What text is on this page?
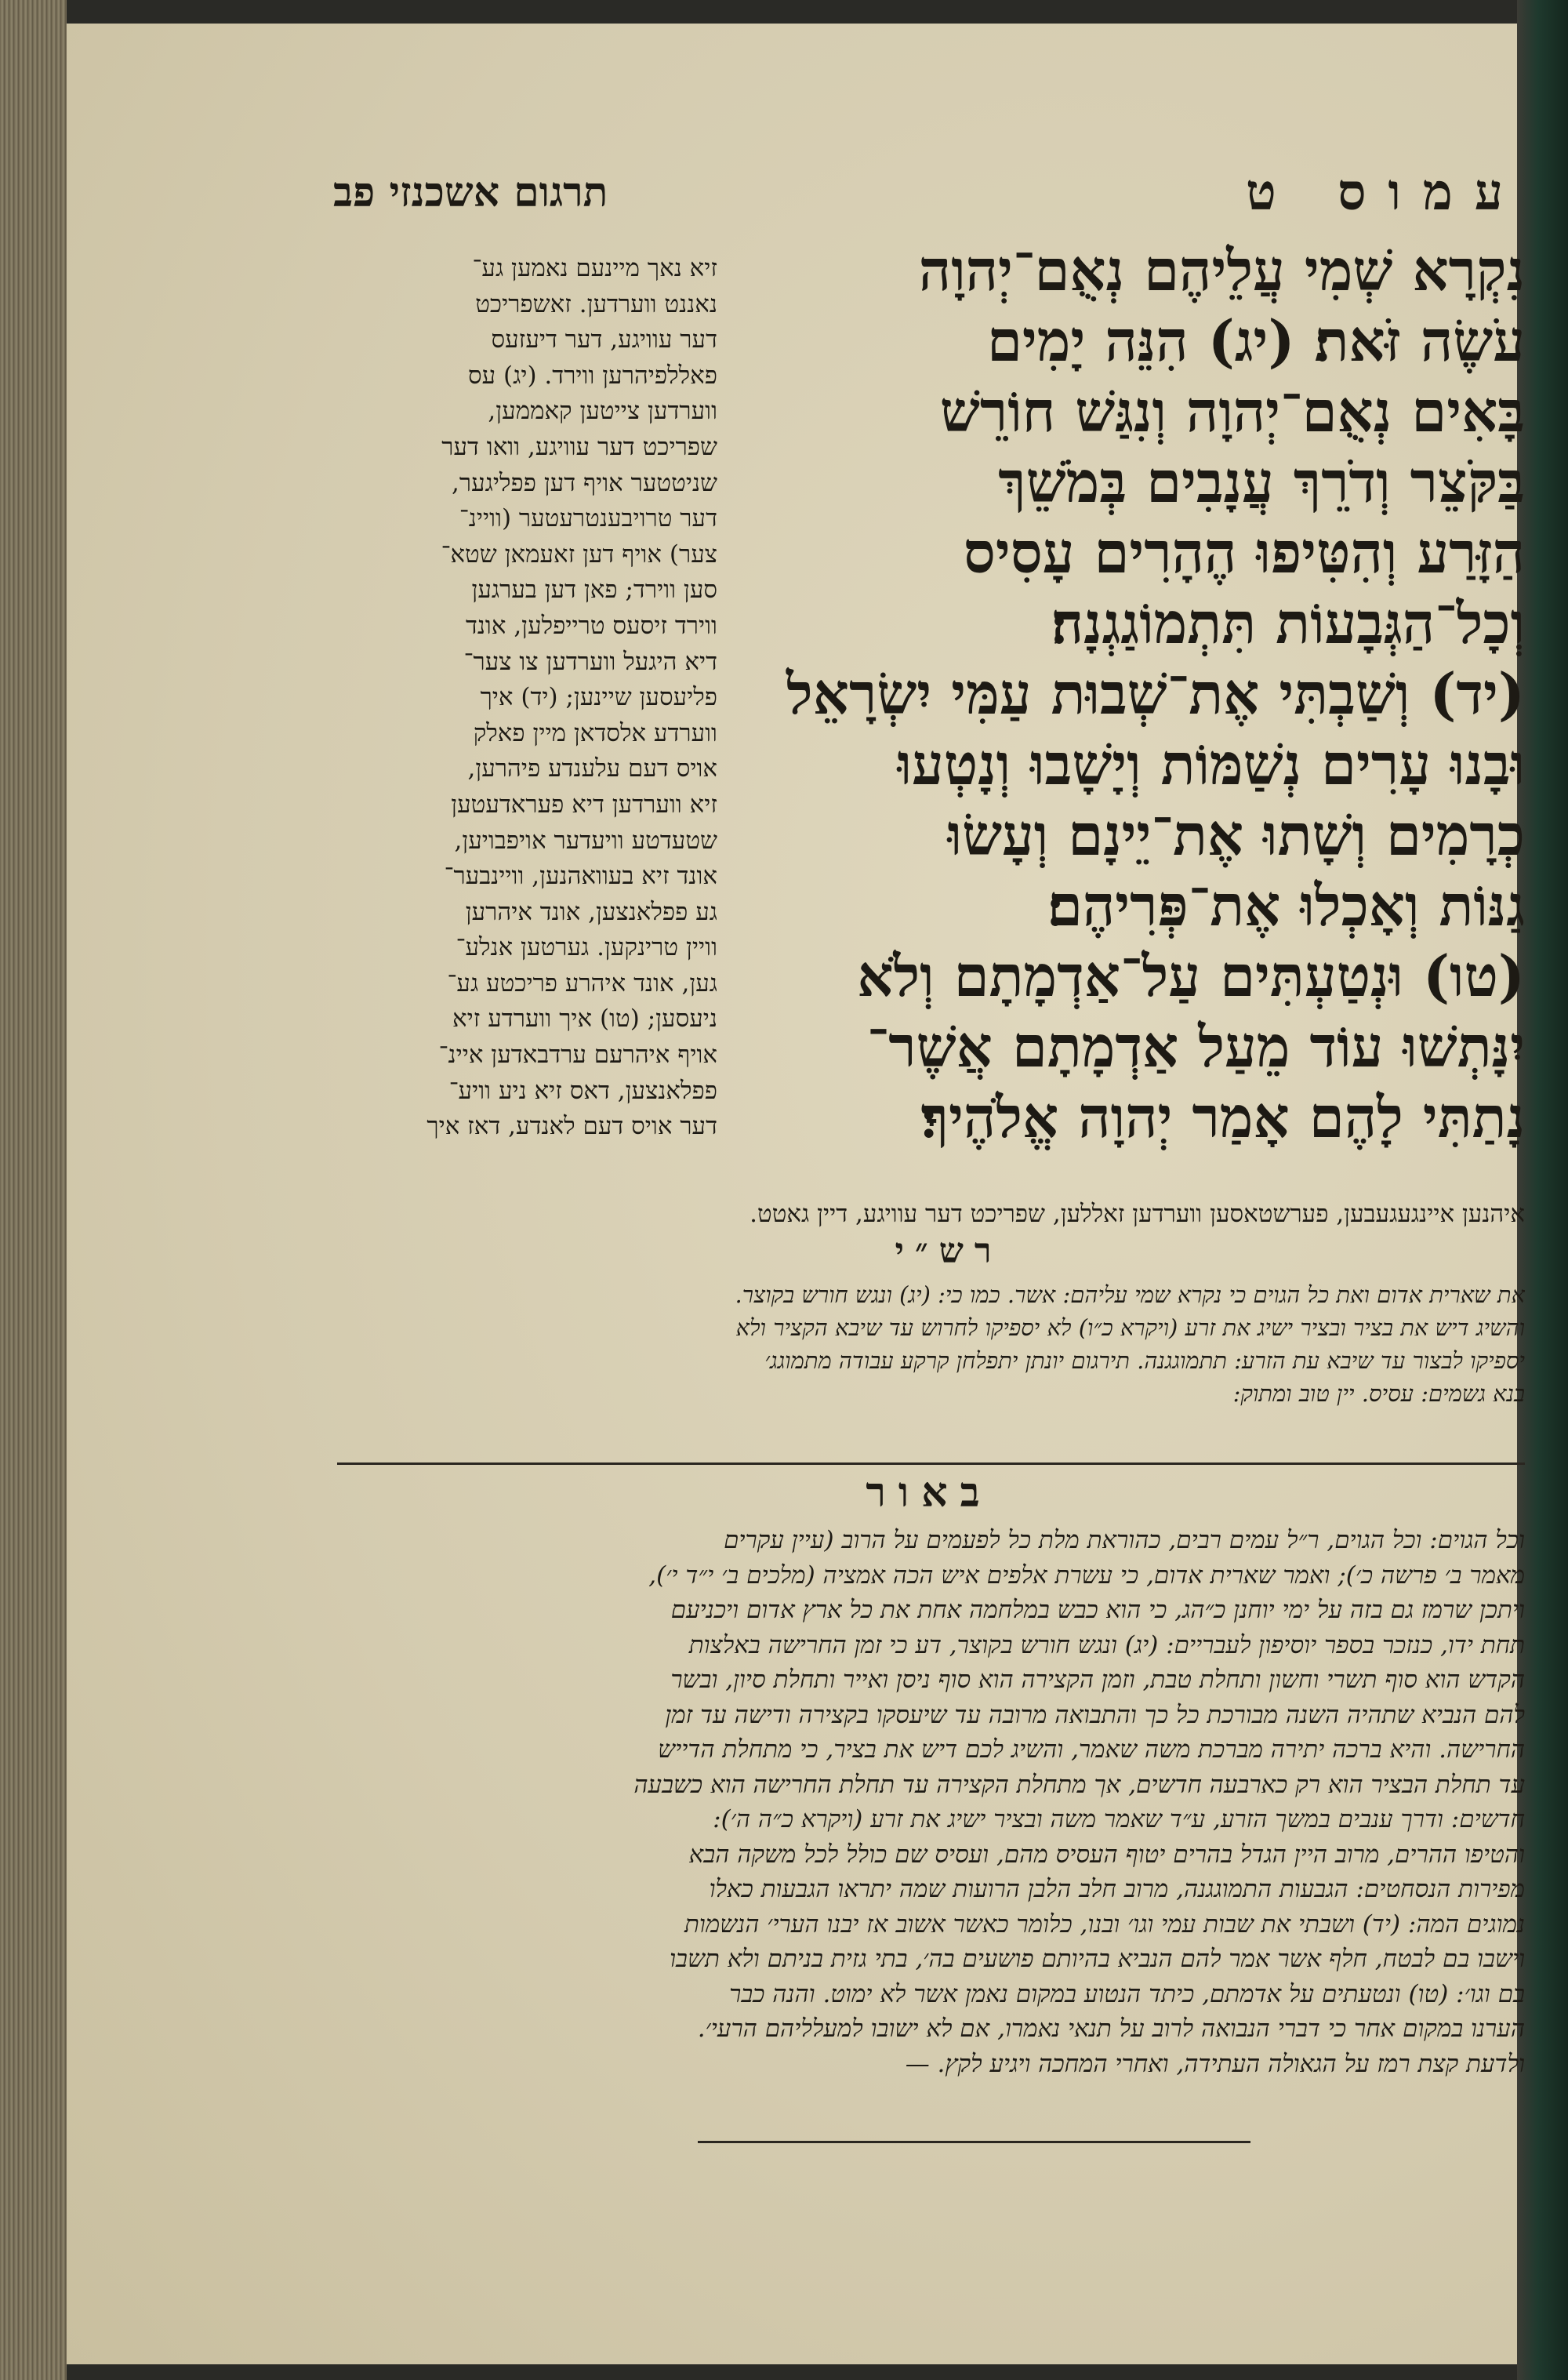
עמוס ט
תרגום אשכנזי פב
נִקְרָא שְׁמִי עֲלֵיהֶם נְאֻם־יְהוָה
עֹשֶׂה זֹּאת׃ (יג) הִנֵּה יָמִים
בָּאִים נְאֻם־יְהוָה וְנִגַּשׁ חוֹרֵשׁ
בַּקֹּצֵר וְדֹרֵךְ עֲנָבִים בְּמֹשֵׁךְ
הַזָּרַע וְהִטִּיפוּ הֶהָרִים עָסִיס
וְכָל־הַגְּבָעוֹת תִּתְמוֹגַגְנָה׃
(יד) וְשַׁבְתִּי אֶת־שְׁבוּת עַמִּי יִשְׂרָאֵל
וּבָנוּ עָרִים נְשַׁמּוֹת וְיָשָׁבוּ וְנָטְעוּ
כְרָמִים וְשָׁתוּ אֶת־יֵינָם וְעָשׂוּ
גַנּוֹת וְאָכְלוּ אֶת־פְּרִיהֶם׃
(טו) וּנְטַעְתִּים עַל־אַדְמָתָם וְלֹא
יִנָּתְשׁוּ עוֹד מֵעַל אַדְמָתָם אֲשֶׁר־
נָתַתִּי לָהֶם אָמַר יְהוָה אֱלֹהֶיךָ׃
זיא נאך מיינעם נאמען גע־
נאננט ווערדען. זאשפריכט
דער עוויגע, דער דיעזעס
פאללפיהרען ווירד. (יג) עס
ווערדען צייטען קאממען,
שפריכט דער עוויגע, וואו דער
שניטטער אויף דען פפליגער,
דער טרויבענטרעטער (וויינ־
צער) אויף דען זאעמאן שטא־
סען ווירד; פאן דען בערגען
ווירד זיסעס טרייפלען, אונד
דיא היגעל ווערדען צו צער־
פליעסען שיינען; (יד) איך
ווערדע אלסדאן מיין פאלק
אויס דעם עלענדע פיהרען,
זיא ווערדען דיא פעראדעטען
שטעדטע וויעדער אויפבויען,
אונד זיא בעוואהנען, וויינבער־
גע פפלאנצען, אונד איהרען
וויין טרינקען. גערטען אנלע־
גען, אונד איהרע פריכטע גע־
ניעסען; (טו) איך ווערדע זיא
אויף איהרעם ערדבאדען איינ־
פפלאנצען, דאס זיא ניע וויע־
דער אויס דעם לאנדע, דאז איך
איהנען איינגעגעבען, פערשטאסען ווערדען זאללען, שפריכט דער עוויגע, דיין גאטט.
רש״י
את שארית אדום ואת כל הגוים כי נקרא שמי עליהם: אשר. כמו כי: (יג) ונגש חורש בקוצר.
והשיג דיש את בציר ובציר ישיג את זרע (ויקרא כ״ו) לא יספיקו לחרוש עד שיבא הקציר ולא
יספיקו לבצור עד שיבא עת הזרע: תתמוגגנה. תירגום יונתן יתפלחן קרקע עבודה מתמוגג׳
בנא גשמים: עסיס. יין טוב ומתוק:
באור
וכל הגוים: וכל הגוים, ר״ל עמים רבים, כהוראת מלת כל לפעמים על הרוב (עיין עקרים
מאמר ב׳ פרשה כ׳); ואמר שארית אדום, כי עשרת אלפים איש הכה אמציה (מלכים ב׳ י״ד י׳),
ויתכן שרמז גם בזה על ימי יוחנן כ״הג, כי הוא כבש במלחמה אחת את כל ארץ אדום ויכניעם
תחת ידו, כנזכר בספר יוסיפון לעבריים: (יג) ונגש חורש בקוצר, דע כי זמן החרישה באלצות
הקדש הוא סוף תשרי וחשון ותחלת טבת, וזמן הקצירה הוא סוף ניסן ואייר ותחלת סיון, ובשר
להם הנביא שתהיה השנה מבורכת כל כך והתבואה מרובה עד שיעסקו בקצירה ודישה עד זמן
החרישה. והיא ברכה יתירה מברכת משה שאמר, והשיג לכם דיש את בציר, כי מתחלת הדייש
עד תחלת הבציר הוא רק כארבעה חדשים, אך מתחלת הקצירה עד תחלת החרישה הוא כשבעה
חדשים: ודרך ענבים במשך הזרע, ע״ד שאמר משה ובציר ישיג את זרע (ויקרא כ״ה ה׳):
והטיפו ההרים, מרוב היין הגדל בהרים יטוף העסיס מהם, ועסיס שם כולל לכל משקה הבא
מפירות הנסחטים: הגבעות התמוגגנה, מרוב חלב הלבן הרועות שמה יתראו הגבעות כאלו
נמוגים המה: (יד) ושבתי את שבות עמי וגו׳ ובנו, כלומר כאשר אשוב אז יבנו הערי׳ הנשמות
וישבו בם לבטח, חלף אשר אמר להם הנביא בהיותם פושעים בה׳, בתי גזית בניתם ולא תשבו
בם וגו׳: (טו) ונטעתים על אדמתם, כיתד הנטוע במקום נאמן אשר לא ימוט. והנה כבר
הערנו במקום אחר כי דברי הנבואה לרוב על תנאי נאמרו, אם לא ישובו למעלליהם הרעי׳.
ולדעת קצת רמז על הגאולה העתידה, ואחרי המחכה ויגיע לקץ. —
